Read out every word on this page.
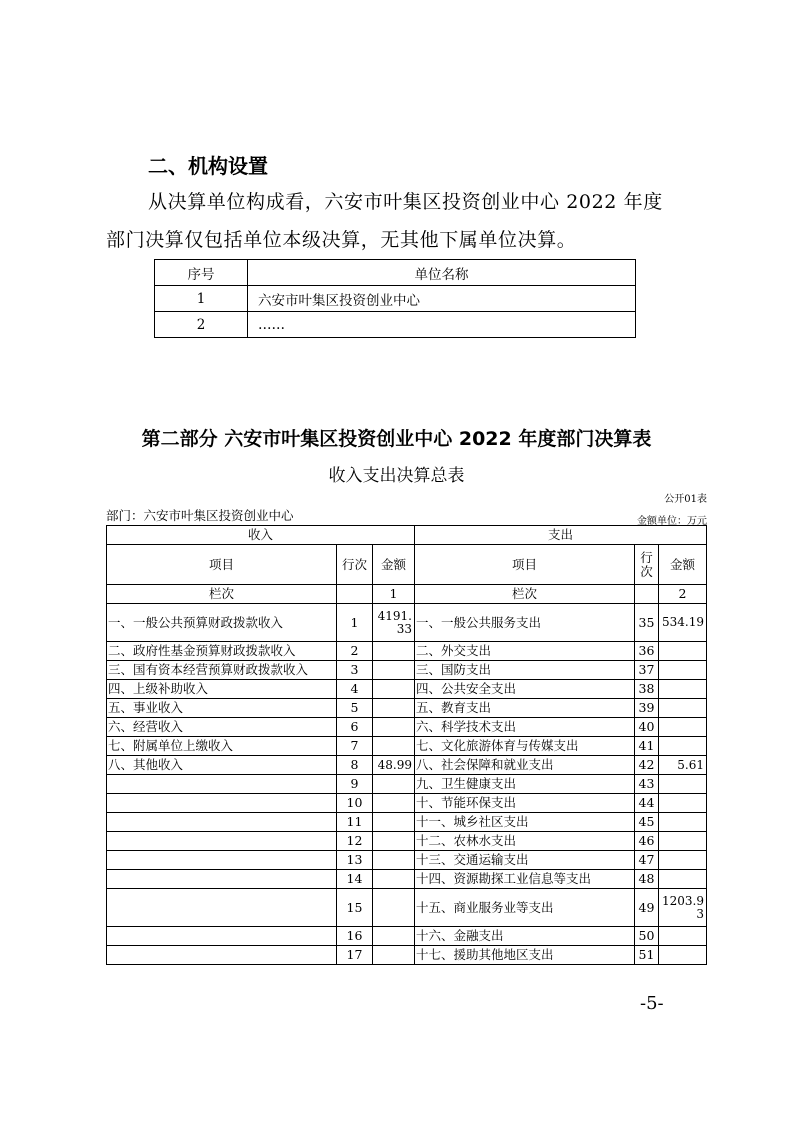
二、机构设置
从决算单位构成看，六安市叶集区投资创业中心 2022 年度
部门决算仅包括单位本级决算，无其他下属单位决算。
序号	单位名称
1	六安市叶集区投资创业中心
2	……
第二部分 六安市叶集区投资创业中心 2022 年度部门决算表
收入支出决算总表
公开01表
部门：六安市叶集区投资创业中心	金额单位：万元
收入			支出		
项目	行次	金额	项目	行次	金额
栏次		1	栏次		2
一、一般公共预算财政拨款收入	1	4191.33	一、一般公共服务支出	35	534.19
二、政府性基金预算财政拨款收入	2		二、外交支出	36	
三、国有资本经营预算财政拨款收入	3		三、国防支出	37	
四、上级补助收入	4		四、公共安全支出	38	
五、事业收入	5		五、教育支出	39	
六、经营收入	6		六、科学技术支出	40	
七、附属单位上缴收入	7		七、文化旅游体育与传媒支出	41	
八、其他收入	8	48.99	八、社会保障和就业支出	42	5.61
	9		九、卫生健康支出	43	
	10		十、节能环保支出	44	
	11		十一、城乡社区支出	45	
	12		十二、农林水支出	46	
	13		十三、交通运输支出	47	
	14		十四、资源勘探工业信息等支出	48	
	15		十五、商业服务业等支出	49	1203.93
	16		十六、金融支出	50	
	17		十七、援助其他地区支出	51	
-5-
